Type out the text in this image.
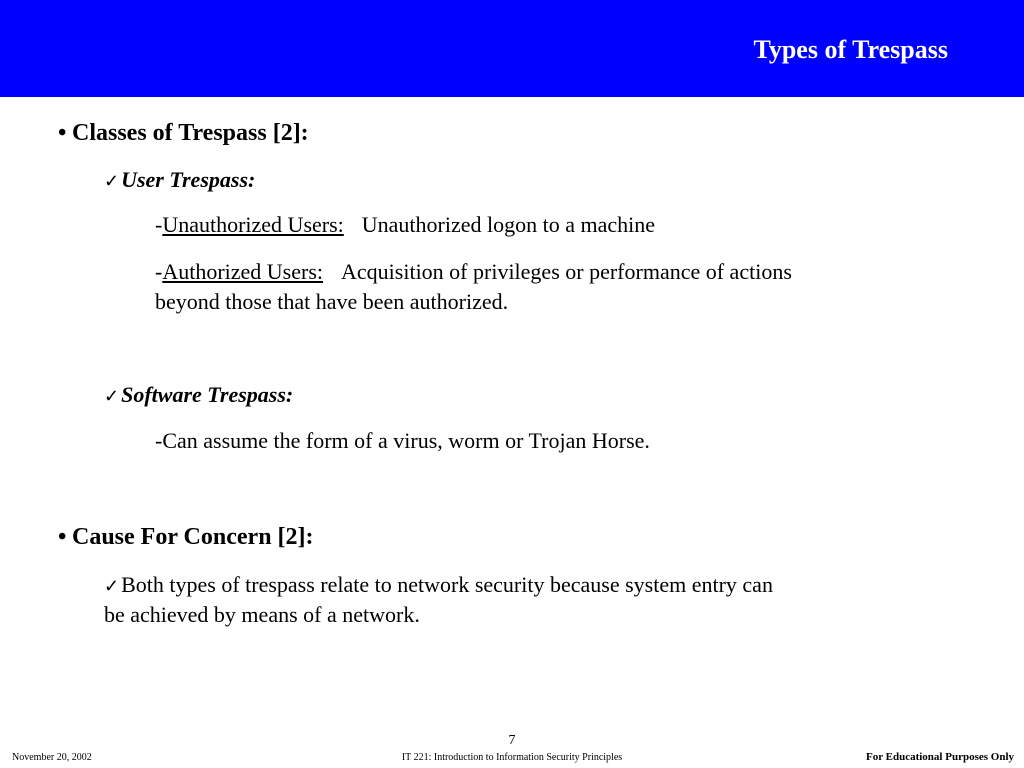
Types of Trespass
• Classes of Trespass [2]:
✓User Trespass:
-Unauthorized Users: Unauthorized logon to a machine
-Authorized Users: Acquisition of privileges or performance of actions
beyond those that have been authorized.
✓Software Trespass:
-Can assume the form of a virus, worm or Trojan Horse.
• Cause For Concern [2]:
✓Both types of trespass relate to network security because system entry can
be achieved by means of a network.
7
November 20, 2002	IT 221: Introduction to Information Security Principles	For Educational Purposes Only
